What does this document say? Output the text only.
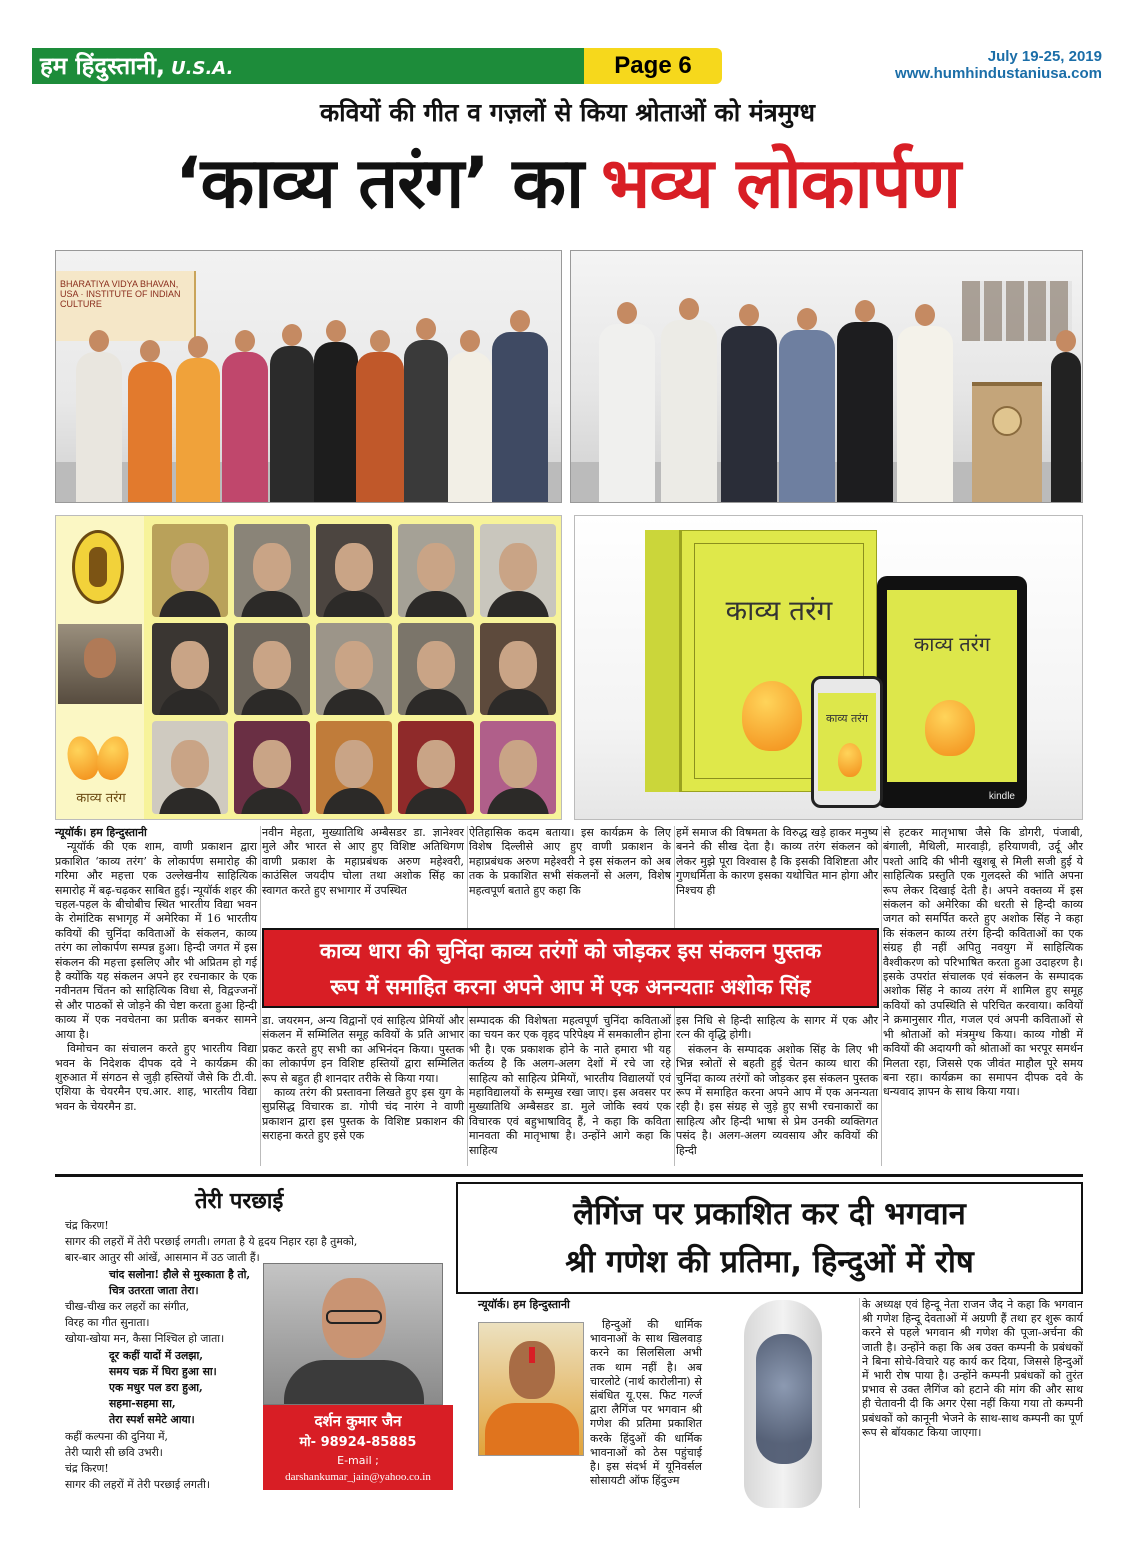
हम हिंदुस्तानी, U.S.A.	Page 6	July 19-25, 2019
www.humhindustaniusa.com
कवियों की गीत व गज़लों से किया श्रोताओं को मंत्रमुग्ध
‘काव्य तरंग’ का भव्य लोकार्पण
BHARATIYA VIDYA BHAVAN, USA · INSTITUTE OF INDIAN CULTURE
काव्य तरंग
काव्य तरंग
काव्य तरंग
kindle
काव्य तरंग
न्यूयॉर्क। हम हिन्दुस्तानी

न्यूयॉर्क की एक शाम, वाणी प्रकाशन द्वारा प्रकाशित ‘काव्य तरंग’ के लोकार्पण समारोह की गरिमा और महत्ता एक उल्लेखनीय साहित्यिक समारोह में बढ़-चढ़कर साबित हुई। न्यूयॉर्क शहर की चहल-पहल के बीचोबीच स्थित भारतीय विद्या भवन के रोमांटिक सभागृह में अमेरिका में 16 भारतीय कवियों की चुनिंदा कविताओं के संकलन, काव्य तरंग का लोकार्पण सम्पन्न हुआ। हिन्दी जगत में इस संकलन की महत्ता इसलिए और भी अप्रितम हो गई है क्योंकि यह संकलन अपने हर रचनाकार के एक नवीनतम चिंतन को साहित्यिक विधा से, विद्वज्जनों से और पाठकों से जोड़ने की चेष्टा करता हुआ हिन्दी काव्य में एक नवचेतना का प्रतीक बनकर सामने आया है।

विमोचन का संचालन करते हुए भारतीय विद्या भवन के निदेशक दीपक दवे ने कार्यक्रम की शुरुआत में संगठन से जुड़ी हस्तियों जैसे कि टी.वी. एशिया के चेयरमैन एच.आर. शाह, भारतीय विद्या भवन के चेयरमैन डा.

नवीन मेहता, मुख्यातिथि अम्बैसडर डा. ज्ञानेश्वर मुले और भारत से आए हुए विशिष्ट अतिथिगण वाणी प्रकाश के महाप्रबंधक अरुण महेश्वरी, काउंसिल जयदीप चोला तथा अशोक सिंह का स्वागत करते हुए सभागार में उपस्थित

ऐतिहासिक कदम बताया। इस कार्यक्रम के लिए विशेष दिल्लीसे आए हुए वाणी प्रकाशन के महाप्रबंधक अरुण महेश्वरी ने इस संकलन को अब तक के प्रकाशित सभी संकलनों से अलग, विशेष महत्वपूर्ण बताते हुए कहा कि

हमें समाज की विषमता के विरुद्ध खड़े हाकर मनुष्य बनने की सीख देता है। काव्य तरंग संकलन को लेकर मुझे पूरा विश्वास है कि इसकी विशिष्टता और गुणधर्मिता के कारण इसका यथोचित मान होगा और निश्चय ही

से हटकर मातृभाषा जैसे कि डोगरी, पंजाबी, बंगाली, मैथिली, मारवाड़ी, हरियाणवी, उर्दू और पश्तो आदि की भीनी खुशबू से मिली सजी हुई ये साहित्यिक प्रस्तुति एक गुलदस्ते की भांति अपना रूप लेकर दिखाई देती है। अपने वक्तव्य में इस संकलन को अमेरिका की धरती से हिन्दी काव्य जगत को समर्पित करते हुए अशोक सिंह ने कहा कि संकलन काव्य तरंग हिन्दी कविताओं का एक संग्रह ही नहीं अपितु नवयुग में साहित्यिक वैश्वीकरण को परिभाषित करता हुआ उदाहरण है। इसके उपरांत संचालक एवं संकलन के सम्पादक अशोक सिंह ने काव्य तरंग में शामिल हुए समूह कवियों को उपस्थिति से परिचित करवाया। कवियों ने क्रमानुसार गीत, गजल एवं अपनी कविताओं से भी श्रोताओं को मंत्रमुग्ध किया। काव्य गोष्ठी में कवियों की अदायगी को श्रोताओं का भरपूर समर्थन मिलता रहा, जिससे एक जीवंत माहौल पूरे समय बना रहा। कार्यक्रम का समापन दीपक दवे के धन्यवाद ज्ञापन के साथ किया गया।

काव्य धारा की चुनिंदा काव्य तरंगों को जोड़कर इस संकलन पुस्तक
रूप में समाहित करना अपने आप में एक अनन्यताः अशोक सिंह

डा. जयरमन, अन्य विद्वानों एवं साहित्य प्रेमियों और संकलन में सम्मिलित समूह कवियों के प्रति आभार प्रकट करते हुए सभी का अभिनंदन किया। पुस्तक का लोकार्पण इन विशिष्ट हस्तियों द्वारा सम्मिलित रूप से बहुत ही शानदार तरीके से किया गया।

काव्य तरंग की प्रस्तावना लिखते हुए इस युग के सुप्रसिद्ध विचारक डा. गोपी चंद नारंग ने वाणी प्रकाशन द्वारा इस पुस्तक के विशिष्ट प्रकाशन की सराहना करते हुए इसे एक

सम्पादक की विशेषता महत्वपूर्ण चुनिंदा कविताओं का चयन कर एक वृहद परिपेक्ष्य में समकालीन होना भी है। एक प्रकाशक होने के नाते हमारा भी यह कर्तव्य है कि अलग-अलग देशों में रचे जा रहे साहित्य को साहित्य प्रेमियों, भारतीय विद्यालयों एवं महाविद्यालयों के सम्मुख रखा जाए। इस अवसर पर मुख्यातिथि अम्बैसडर डा. मुले जोकि स्वयं एक विचारक एवं बहुभाषाविद् हैं, ने कहा कि कविता मानवता की मातृभाषा है। उन्होंने आगे कहा कि साहित्य

इस निधि से हिन्दी साहित्य के सागर में एक और रत्न की वृद्धि होगी।

संकलन के सम्पादक अशोक सिंह के लिए भी भिन्न स्त्रोतों से बहती हुई चेतन काव्य धारा की चुनिंदा काव्य तरंगों को जोड़कर इस संकलन पुस्तक रूप में समाहित करना अपने आप में एक अनन्यता रही है। इस संग्रह से जुड़े हुए सभी रचनाकारों का साहित्य और हिन्दी भाषा से प्रेम उनकी व्यक्तिगत पसंद है। अलग-अलग व्यवसाय और कवियों की हिन्दी

तेरी परछाई
चंद्र किरण!
सागर की लहरों में तेरी परछाई लगती। लगता है ये हृदय निहार रहा है तुमको,
बार-बार आतुर सी आंखें, आसमान में उठ जाती हैं।
चांद सलोना! हौले से मुस्काता है तो,
चित्र उतरता जाता तेरा।
चीख-चीख कर लहरों का संगीत,
विरह का गीत सुनाता।
खोया-खोया मन, कैसा निश्चिल हो जाता।
दूर कहीं यादों में उलझा,
समय चक्र में घिरा हुआ सा।
एक मधुर पल डरा हुआ,
सहमा-सहमा सा,
तेरा स्पर्श समेटे आया।
कहीं कल्पना की दुनिया में,
तेरी प्यारी सी छवि उभरी।
चंद्र किरण!
सागर की लहरों में तेरी परछाई लगती।
दर्शन कुमार जैन
मो- 98924-85885
E-mail ;
darshankumar_jain@yahoo.co.in
लैगिंज पर प्रकाशित कर दी भगवान
श्री गणेश की प्रतिमा, हिन्दुओं में रोष
न्यूयॉर्क। हम हिन्दुस्तानी

हिन्दुओं की धार्मिक भावनाओं के साथ खिलवाड़ करने का सिलसिला अभी तक थाम नहीं है। अब चारलोटे (नार्थ कारोलीना) से संबंधित यू.एस. फिट गर्ल्ज द्वारा लैगिंज पर भगवान श्री गणेश की प्रतिमा प्रकाशित करके हिंदुओं की धार्मिक भावनाओं को ठेस पहुंचाई है। इस संदर्भ में यूनिवर्सल सोसायटी ऑफ हिंदुज्म

के अध्यक्ष एवं हिन्दू नेता राजन जैद ने कहा कि भगवान श्री गणेश हिन्दू देवताओं में अग्रणी हैं तथा हर शुरू कार्य करने से पहले भगवान श्री गणेश की पूजा-अर्चना की जाती है। उन्होंने कहा कि अब उक्त कम्पनी के प्रबंधकों ने बिना सोचे-विचारे यह कार्य कर दिया, जिससे हिन्दुओं में भारी रोष पाया है। उन्होंने कम्पनी प्रबंधकों को तुरंत प्रभाव से उक्त लैगिंज को हटाने की मांग की और साथ ही चेतावनी दी कि अगर ऐसा नहीं किया गया तो कम्पनी प्रबंधकों को कानूनी भेजने के साथ-साथ कम्पनी का पूर्ण रूप से बॉयकाट किया जाएगा।
